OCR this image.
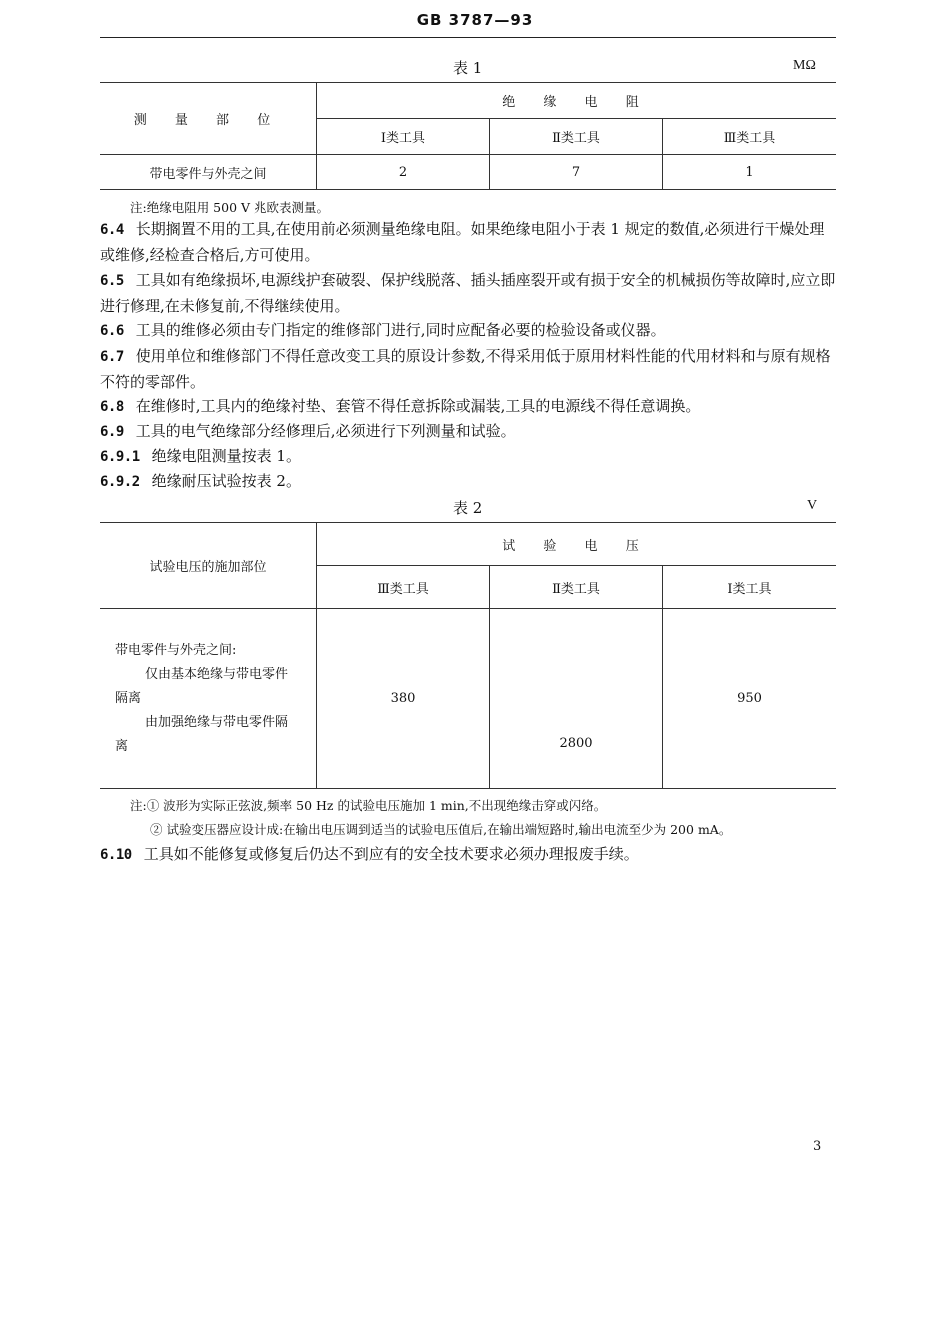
GB 3787—93
表 1	MΩ
测 量 部 位	绝 缘 电 阻		
	Ⅰ类工具	Ⅱ类工具	Ⅲ类工具
带电零件与外壳之间	2	7	1
注:绝缘电阻用 500 V 兆欧表测量。
6.4 长期搁置不用的工具,在使用前必须测量绝缘电阻。如果绝缘电阻小于表 1 规定的数值,必须进行干燥处理或维修,经检查合格后,方可使用。
6.5 工具如有绝缘损坏,电源线护套破裂、保护线脱落、插头插座裂开或有损于安全的机械损伤等故障时,应立即进行修理,在未修复前,不得继续使用。
6.6 工具的维修必须由专门指定的维修部门进行,同时应配备必要的检验设备或仪器。
6.7 使用单位和维修部门不得任意改变工具的原设计参数,不得采用低于原用材料性能的代用材料和与原有规格不符的零部件。
6.8 在维修时,工具内的绝缘衬垫、套管不得任意拆除或漏装,工具的电源线不得任意调换。
6.9 工具的电气绝缘部分经修理后,必须进行下列测量和试验。
6.9.1 绝缘电阻测量按表 1。
6.9.2 绝缘耐压试验按表 2。
表 2	V
试验电压的施加部位	试 验 电 压		
	Ⅲ类工具	Ⅱ类工具	Ⅰ类工具

带电零件与外壳之间:
仅由基本绝缘与带电零件
隔离
由加强绝缘与带电零件隔
离	380	2800	950
注:① 波形为实际正弦波,频率 50 Hz 的试验电压施加 1 min,不出现绝缘击穿或闪络。
② 试验变压器应设计成:在输出电压调到适当的试验电压值后,在输出端短路时,输出电流至少为 200 mA。
6.10 工具如不能修复或修复后仍达不到应有的安全技术要求必须办理报废手续。
3
